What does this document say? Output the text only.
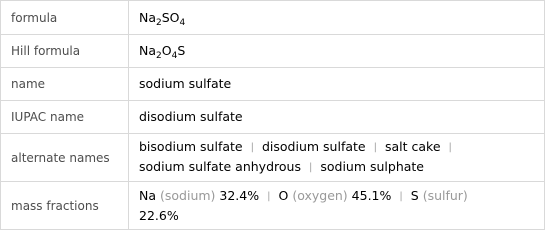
formula	$Na_2SO_4$
Hill formula	$Na_2O_4S$
name	sodium sulfate
IUPAC name	disodium sulfate
alternate names	bisodium sulfate | disodium sulfate | salt cake |
sodium sulfate anhydrous | sodium sulphate
mass fractions	Na (sodium) 32.4% | O (oxygen) 45.1% | S (sulfur)
22.6%
